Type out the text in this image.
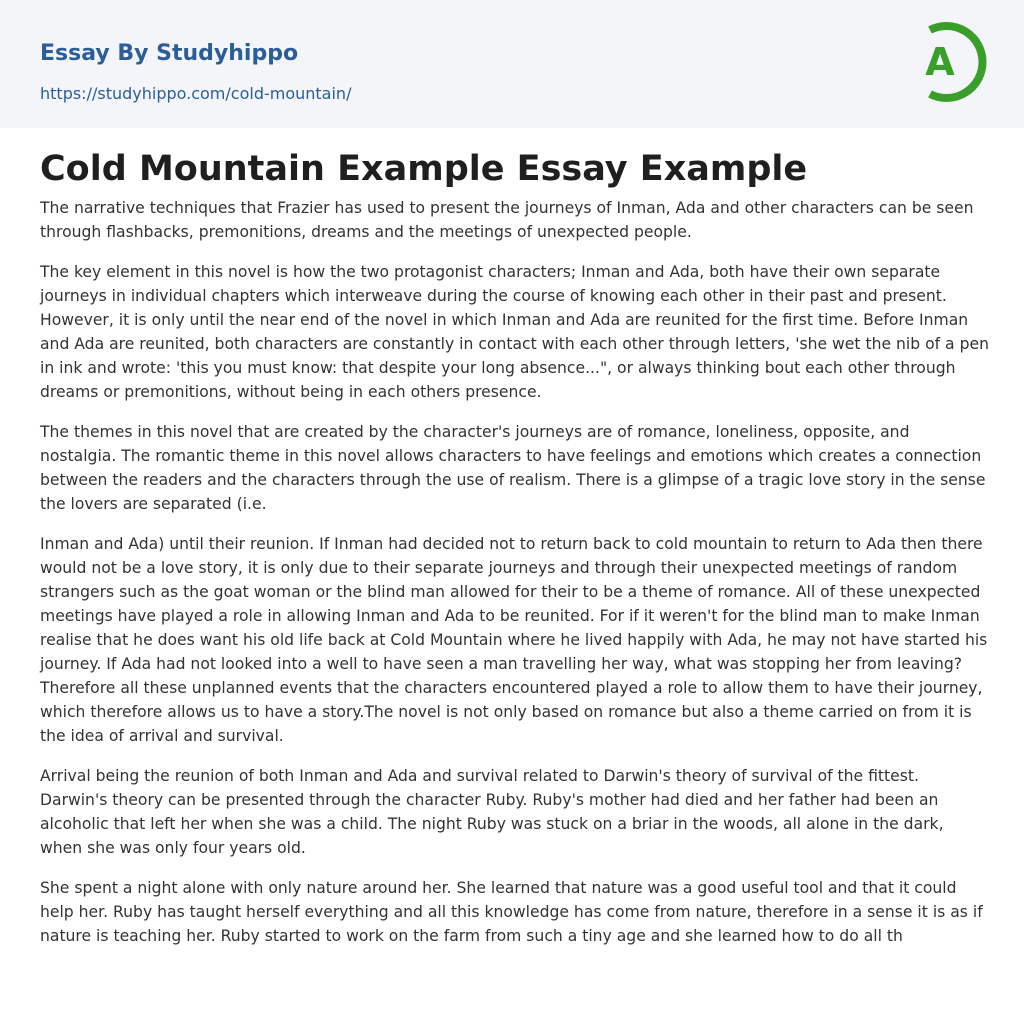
Essay By Studyhippo
https://studyhippo.com/cold-mountain/
A
Cold Mountain Example Essay Example

The narrative techniques that Frazier has used to present the journeys of Inman, Ada and other characters can be seen through flashbacks, premonitions, dreams and the meetings of unexpected people.

The key element in this novel is how the two protagonist characters; Inman and Ada, both have their own separate journeys in individual chapters which interweave during the course of knowing each other in their past and present. However, it is only until the near end of the novel in which Inman and Ada are reunited for the first time. Before Inman and Ada are reunited, both characters are constantly in contact with each other through letters, 'she wet the nib of a pen in ink and wrote: 'this you must know: that despite your long absence...", or always thinking bout each other through dreams or premonitions, without being in each others presence.

The themes in this novel that are created by the character's journeys are of romance, loneliness, opposite, and nostalgia. The romantic theme in this novel allows characters to have feelings and emotions which creates a connection between the readers and the characters through the use of realism. There is a glimpse of a tragic love story in the sense the lovers are separated (i.e.

Inman and Ada) until their reunion. If Inman had decided not to return back to cold mountain to return to Ada then there would not be a love story, it is only due to their separate journeys and through their unexpected meetings of random strangers such as the goat woman or the blind man allowed for their to be a theme of romance. All of these unexpected meetings have played a role in allowing Inman and Ada to be reunited. For if it weren't for the blind man to make Inman realise that he does want his old life back at Cold Mountain where he lived happily with Ada, he may not have started his journey. If Ada had not looked into a well to have seen a man travelling her way, what was stopping her from leaving? Therefore all these unplanned events that the characters encountered played a role to allow them to have their journey, which therefore allows us to have a story.The novel is not only based on romance but also a theme carried on from it is the idea of arrival and survival.

Arrival being the reunion of both Inman and Ada and survival related to Darwin's theory of survival of the fittest. Darwin's theory can be presented through the character Ruby. Ruby's mother had died and her father had been an alcoholic that left her when she was a child. The night Ruby was stuck on a briar in the woods, all alone in the dark, when she was only four years old.

She spent a night alone with only nature around her. She learned that nature was a good useful tool and that it could help her. Ruby has taught herself everything and all this knowledge has come from nature, therefore in a sense it is as if nature is teaching her. Ruby started to work on the farm from such a tiny age and she learned how to do all th
